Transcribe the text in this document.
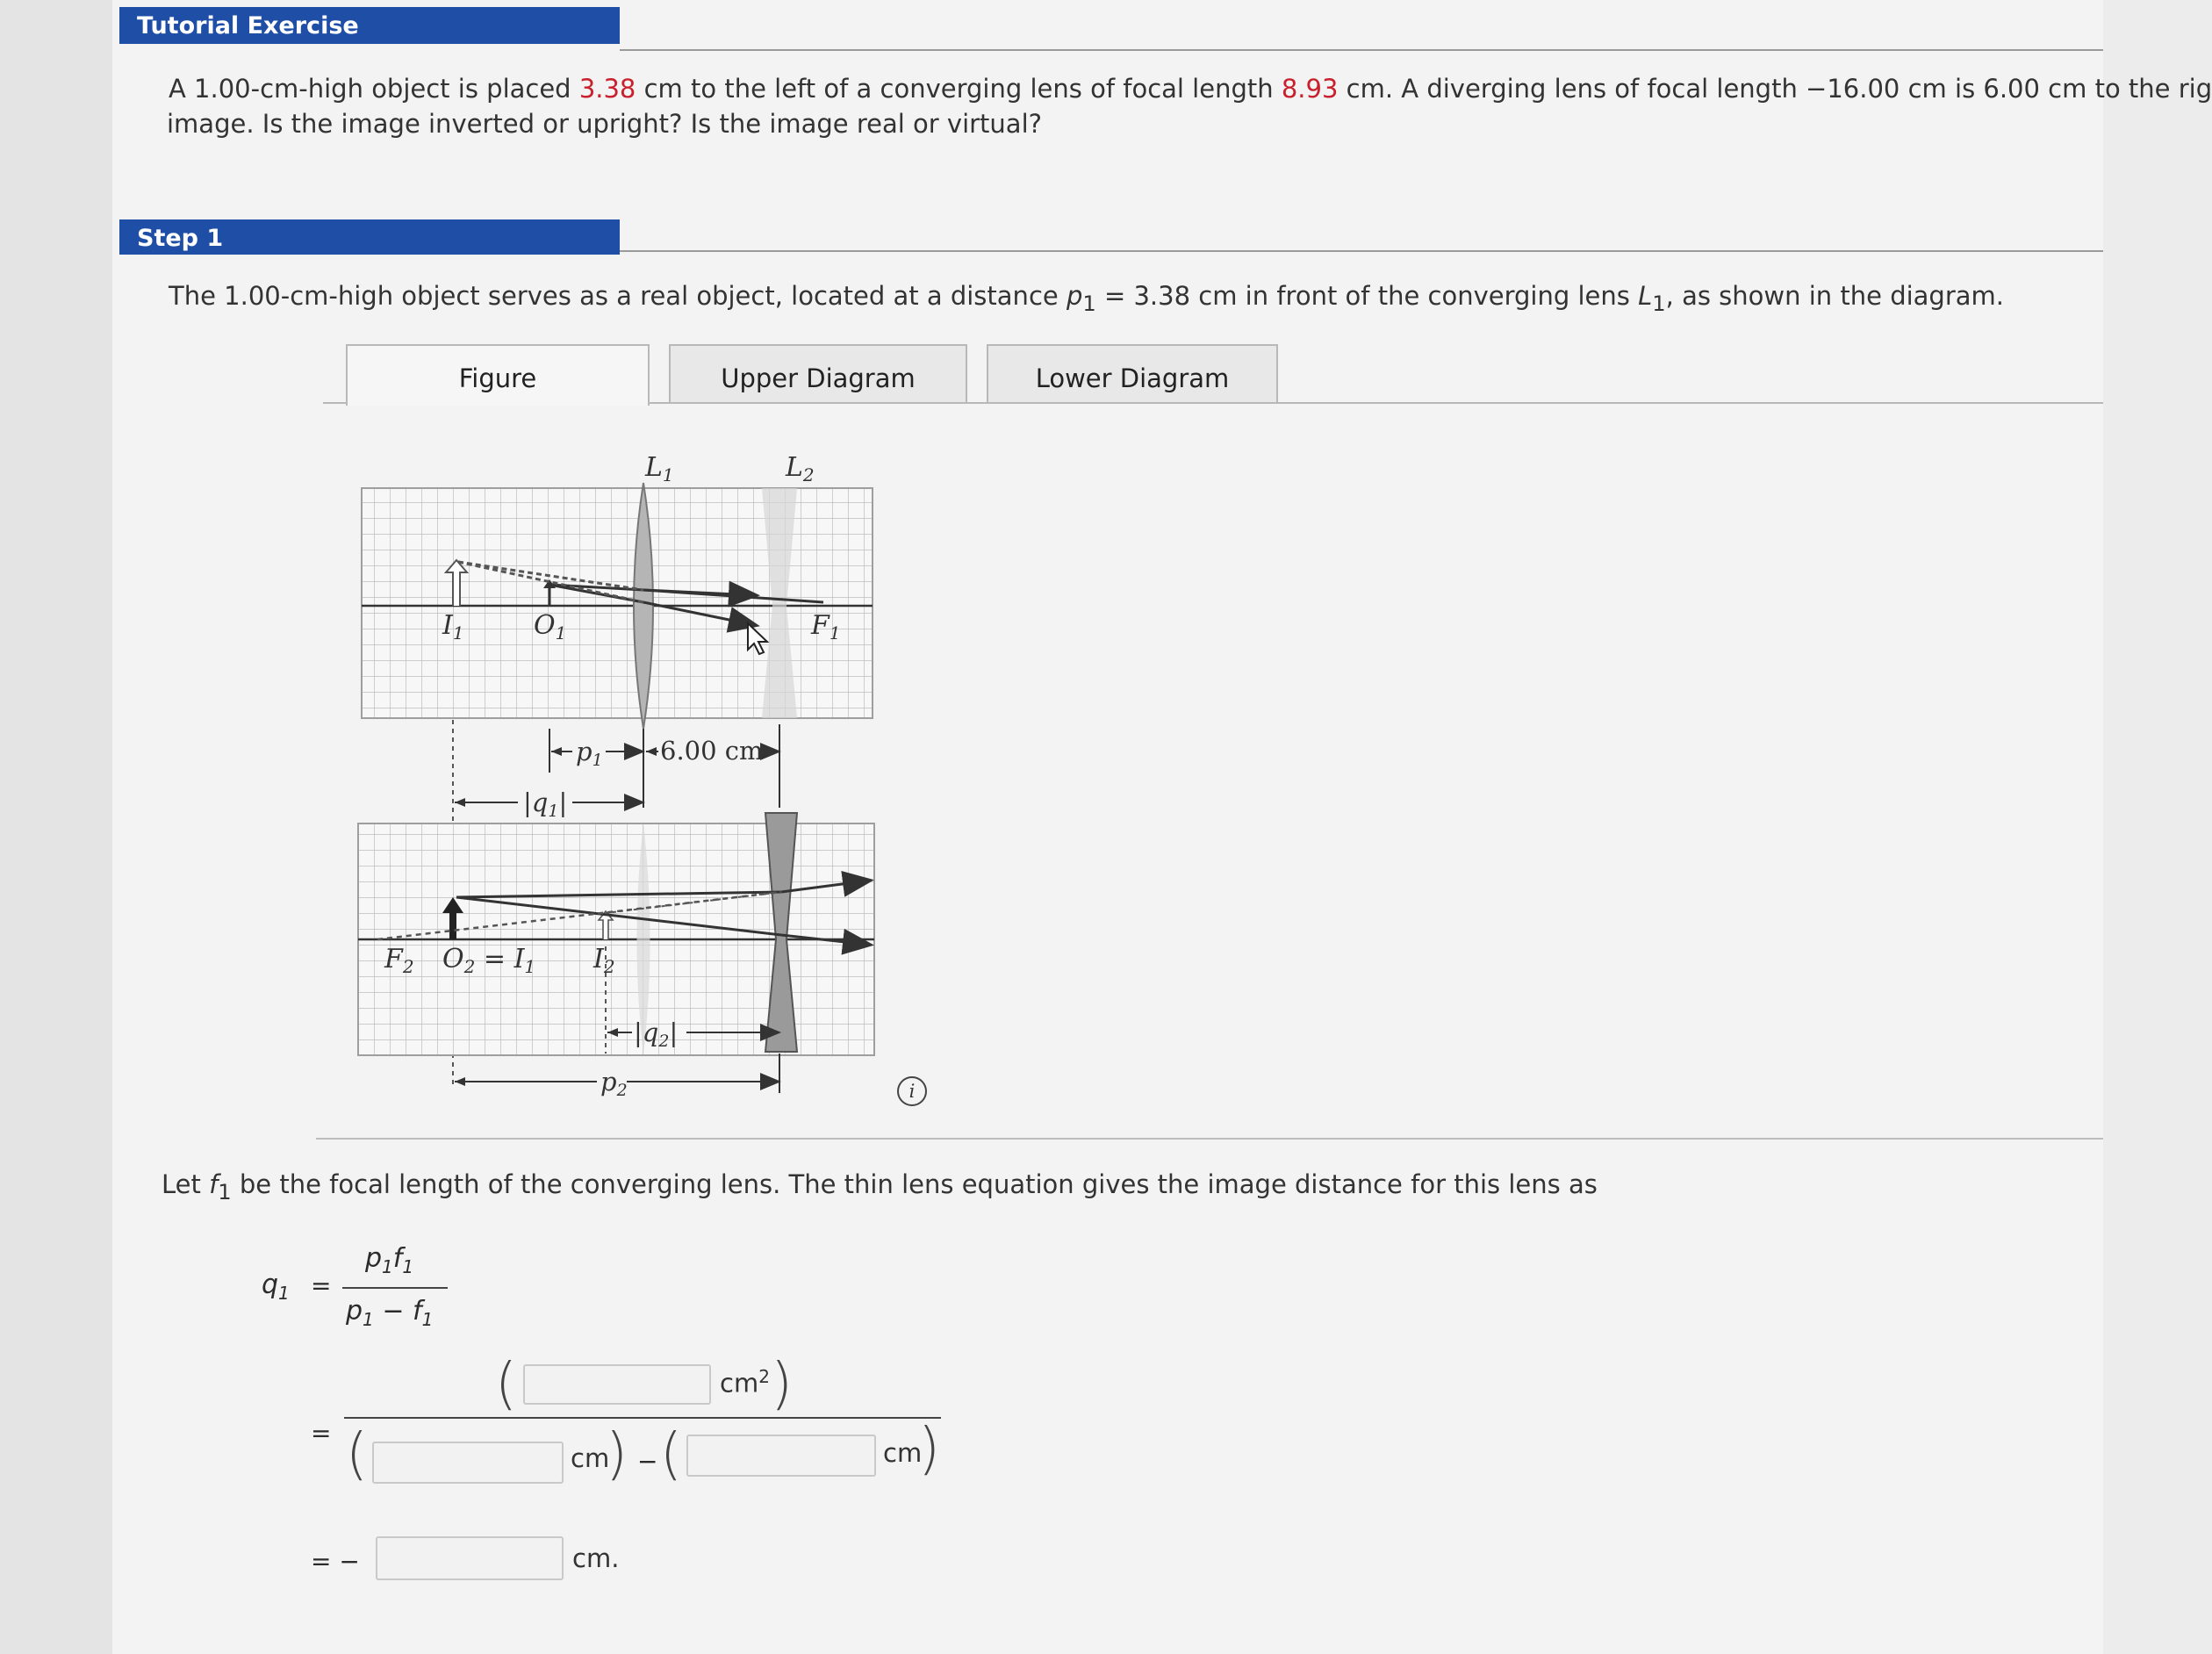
Tutorial Exercise
A 1.00-cm-high object is placed 3.38 cm to the left of a converging lens of focal length 8.93 cm. A diverging lens of focal length −16.00 cm is 6.00 cm to the rig
image. Is the image inverted or upright? Is the image real or virtual?
Step 1
The 1.00-cm-high object serves as a real object, located at a distance $p_1 = 3.38$ cm in front of the converging lens $L_1$, as shown in the diagram.
Figure	Upper Diagram	Lower Diagram
$L_1$	$L_2$
$I_1$	$O_1$	$F_1$
$p_1$ 6.00 cm
$|q_1|$
$F_2$ $O_2 = I_1$ $I_2$
$|q_2|$
$p_2$	i
Let $f_1$ be the focal length of the converging lens. The thin lens equation gives the image distance for this lens as
$q_1$ =
$p_1f_1$
$p_1 - f_1$
=
(	$cm^2$ )
(	cm
) − (	cm
)
= −	cm.
